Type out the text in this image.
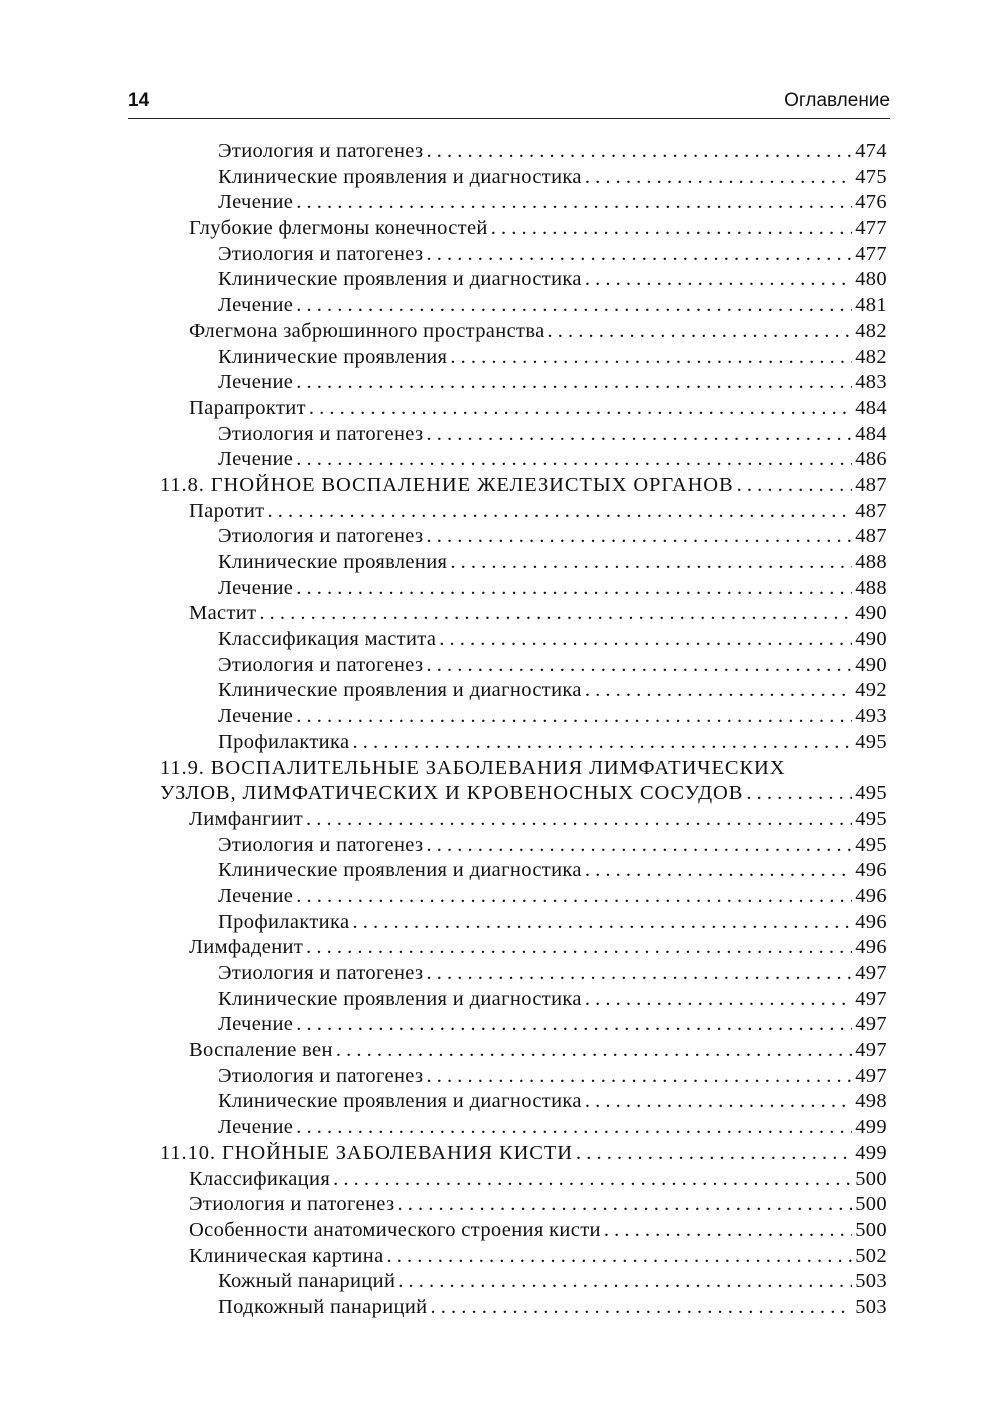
14	Оглавление
Этиология и патогенез . . .	474
Клинические проявления и диагностика . . .	475
Лечение . . .	476
Глубокие флегмоны конечностей . . .	477
Этиология и патогенез . . .	477
Клинические проявления и диагностика . . .	480
Лечение . . .	481
Флегмона забрюшинного пространства . . .	482
Клинические проявления . . .	482
Лечение . . .	483
Парапроктит . . .	484
Этиология и патогенез . . .	484
Лечение . . .	486
11.8. ГНОЙНОЕ ВОСПАЛЕНИЕ ЖЕЛЕЗИСТЫХ ОРГАНОВ . . .	487
Паротит . . .	487
Этиология и патогенез . . .	487
Клинические проявления . . .	488
Лечение . . .	488
Мастит . . .	490
Классификация мастита . . .	490
Этиология и патогенез . . .	490
Клинические проявления и диагностика . . .	492
Лечение . . .	493
Профилактика . . .	495
11.9. ВОСПАЛИТЕЛЬНЫЕ ЗАБОЛЕВАНИЯ ЛИМФАТИЧЕСКИХ
УЗЛОВ, ЛИМФАТИЧЕСКИХ И КРОВЕНОСНЫХ СОСУДОВ . . .	495
Лимфангиит . . .	495
Этиология и патогенез . . .	495
Клинические проявления и диагностика . . .	496
Лечение . . .	496
Профилактика . . .	496
Лимфаденит . . .	496
Этиология и патогенез . . .	497
Клинические проявления и диагностика . . .	497
Лечение . . .	497
Воспаление вен . . .	497
Этиология и патогенез . . .	497
Клинические проявления и диагностика . . .	498
Лечение . . .	499
11.10. ГНОЙНЫЕ ЗАБОЛЕВАНИЯ КИСТИ . . .	499
Классификация . . .	500
Этиология и патогенез . . .	500
Особенности анатомического строения кисти . . .	500
Клиническая картина . . .	502
Кожный панариций . . .	503
Подкожный панариций . . .	503
